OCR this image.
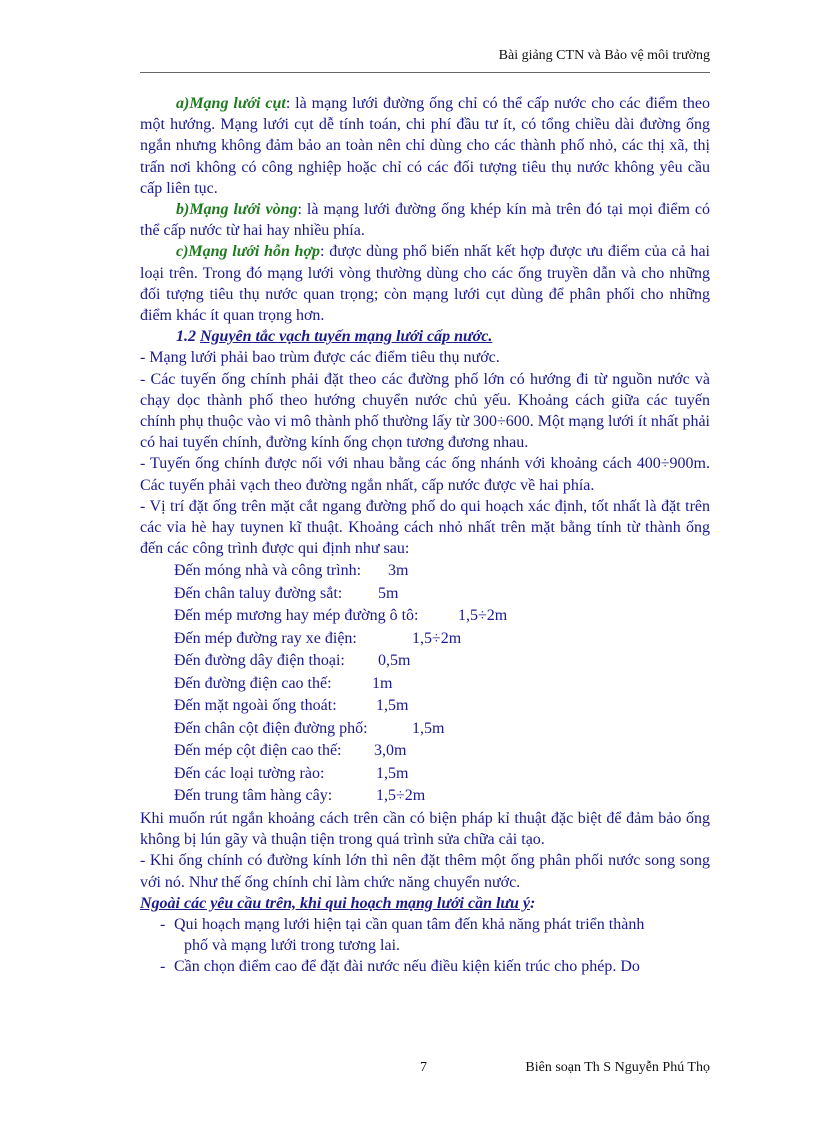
Bài giảng CTN và Bảo vệ môi trường

a)Mạng lưới cụt: là mạng lưới đường ống chỉ có thể cấp nước cho các điểm theo một hướng. Mạng lưới cụt dễ tính toán, chi phí đầu tư ít, có tổng chiều dài đường ống ngắn nhưng không đảm bảo an toàn nên chỉ dùng cho các thành phố nhỏ, các thị xã, thị trấn nơi không có công nghiệp hoặc chỉ có các đối tượng tiêu thụ nước không yêu cầu cấp liên tục.

b)Mạng lưới vòng: là mạng lưới đường ống khép kín mà trên đó tại mọi điểm có thể cấp nước từ hai hay nhiều phía.

c)Mạng lưới hỗn hợp: được dùng phổ biến nhất kết hợp được ưu điểm của cả hai loại trên. Trong đó mạng lưới vòng thường dùng cho các ống truyền dẫn và cho những đối tượng tiêu thụ nước quan trọng; còn mạng lưới cụt dùng để phân phối cho những điểm khác ít quan trọng hơn.

1.2 Nguyên tắc vạch tuyến mạng lưới cấp nước.

- Mạng lưới phải bao trùm được các điểm tiêu thụ nước.

- Các tuyến ống chính phải đặt theo các đường phố lớn có hướng đi từ nguồn nước và chạy dọc thành phố theo hướng chuyển nước chủ yếu. Khoảng cách giữa các tuyến chính phụ thuộc vào vi mô thành phố thường lấy từ 300÷600. Một mạng lưới ít nhất phải có hai tuyến chính, đường kính ống chọn tương đương nhau.

- Tuyến ống chính được nối với nhau bằng các ống nhánh với khoảng cách 400÷900m. Các tuyến phải vạch theo đường ngắn nhất, cấp nước được về hai phía.

- Vị trí đặt ống trên mặt cắt ngang đường phố do qui hoạch xác định, tốt nhất là đặt trên các vỉa hè hay tuynen kĩ thuật. Khoảng cách nhỏ nhất trên mặt bằng tính từ thành ống đến các công trình được qui định như sau:

Đến móng nhà và công trình: 3m
Đến chân taluy đường sắt: 5m
Đến mép mương hay mép đường ô tô: 1,5÷2m
Đến mép đường ray xe điện:	1,5÷2m
Đến đường dây điện thoại: 0,5m
Đến đường điện cao thế:	1m
Đến mặt ngoài ống thoát: 1,5m
Đến chân cột điện đường phố:	1,5m
Đến mép cột điện cao thế: 3,0m
Đến các loại tường rào:	1,5m
Đến trung tâm hàng cây:	1,5÷2m

Khi muốn rút ngắn khoảng cách trên cần có biện pháp kỉ thuật đặc biệt để đảm bảo ống không bị lún gãy và thuận tiện trong quá trình sửa chữa cải tạo.

- Khi ống chính có đường kính lớn thì nên đặt thêm một ống phân phối nước song song với nó. Như thế ống chính chỉ làm chức năng chuyển nước.

Ngoài các yêu cầu trên, khi qui hoạch mạng lưới cần lưu ý:

- Qui hoạch mạng lưới hiện tại cần quan tâm đến khả năng phát triển thành
phố và mạng lưới trong tương lai.
- Cần chọn điểm cao để đặt đài nước nếu điều kiện kiến trúc cho phép. Do
7	Biên soạn Th S Nguyễn Phú Thọ
